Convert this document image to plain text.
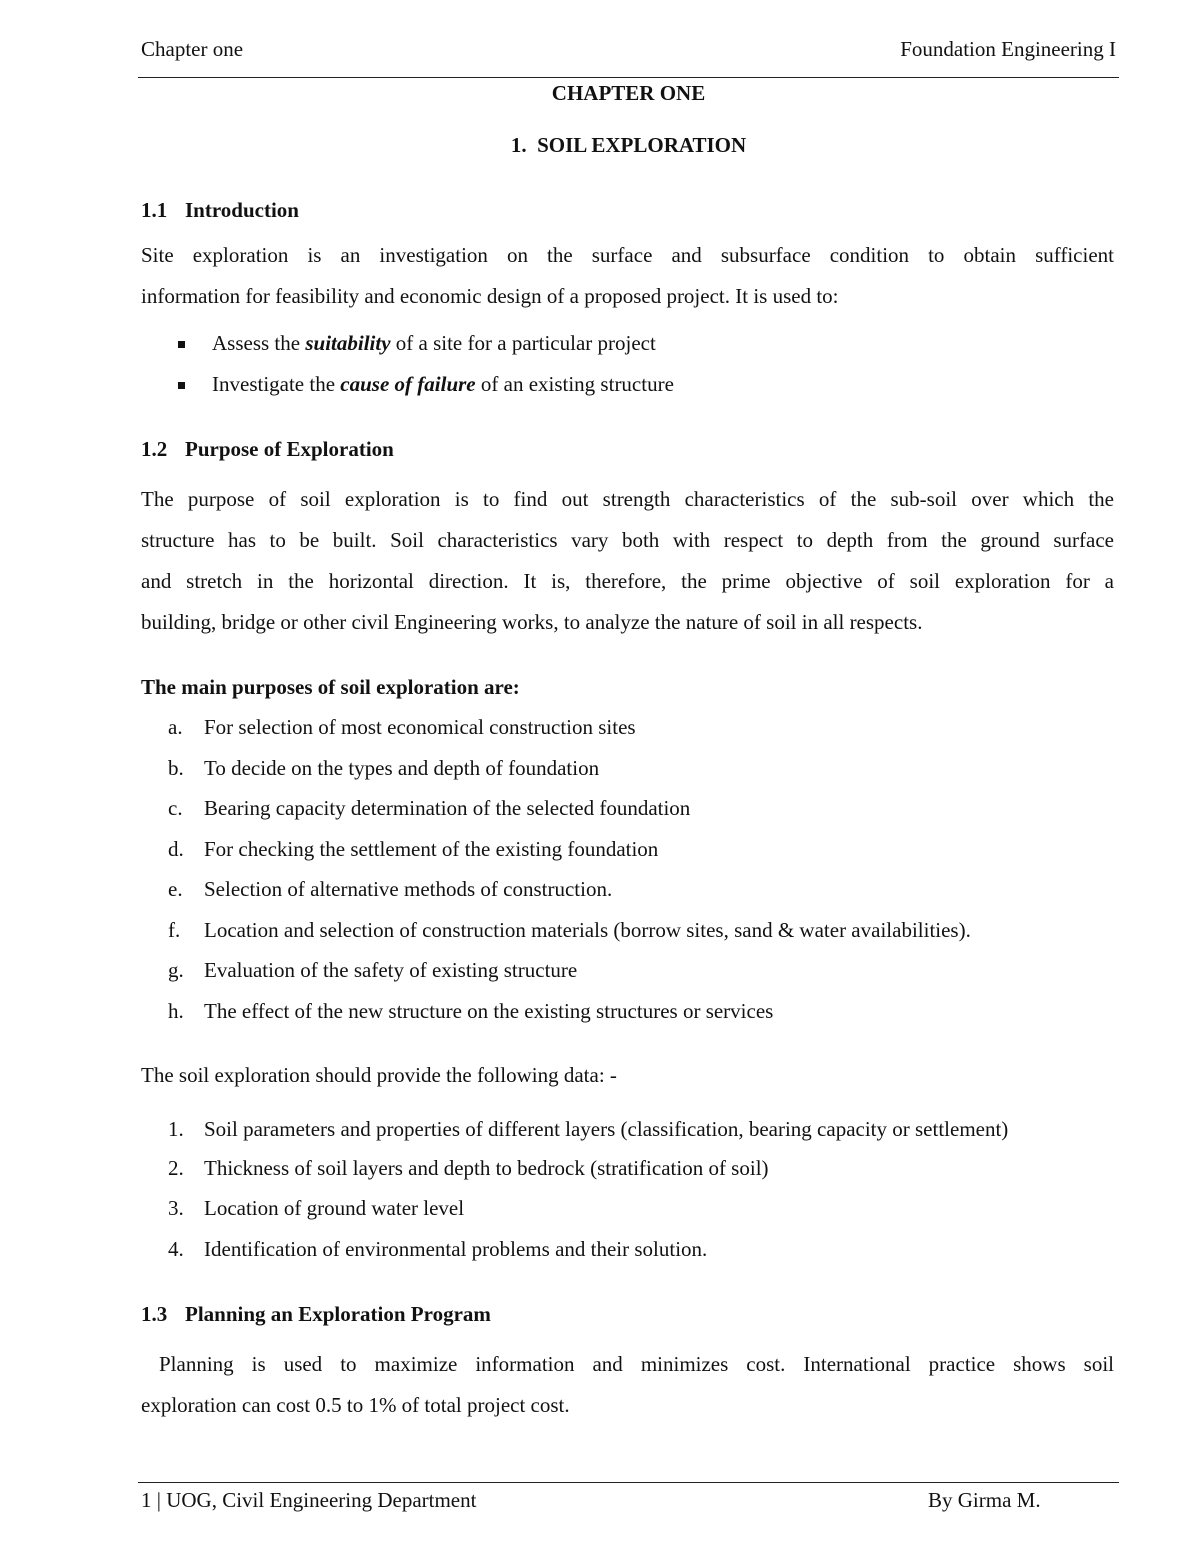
Chapter one	Foundation Engineering I
CHAPTER ONE
1. SOIL EXPLORATION
1.1 Introduction
Site exploration is an investigation on the surface and subsurface condition to obtain sufficient
information for feasibility and economic design of a proposed project. It is used to:
Assess the suitability of a site for a particular project
Investigate the cause of failure of an existing structure
1.2 Purpose of Exploration
The purpose of soil exploration is to find out strength characteristics of the sub-soil over which the
structure has to be built. Soil characteristics vary both with respect to depth from the ground surface
and stretch in the horizontal direction. It is, therefore, the prime objective of soil exploration for a
building, bridge or other civil Engineering works, to analyze the nature of soil in all respects.
The main purposes of soil exploration are:
a.	For selection of most economical construction sites
b. To decide on the types and depth of foundation
c.	Bearing capacity determination of the selected foundation
d. For checking the settlement of the existing foundation
e.	Selection of alternative methods of construction.
f.	Location and selection of construction materials (borrow sites, sand & water availabilities).
g. Evaluation of the safety of existing structure
h. The effect of the new structure on the existing structures or services
The soil exploration should provide the following data: -
1. Soil parameters and properties of different layers (classification, bearing capacity or settlement)
2. Thickness of soil layers and depth to bedrock (stratification of soil)
3. Location of ground water level
4. Identification of environmental problems and their solution.
1.3 Planning an Exploration Program
Planning is used to maximize information and minimizes cost. International practice shows soil
exploration can cost 0.5 to 1% of total project cost.
1 | UOG, Civil Engineering Department	By Girma M.
